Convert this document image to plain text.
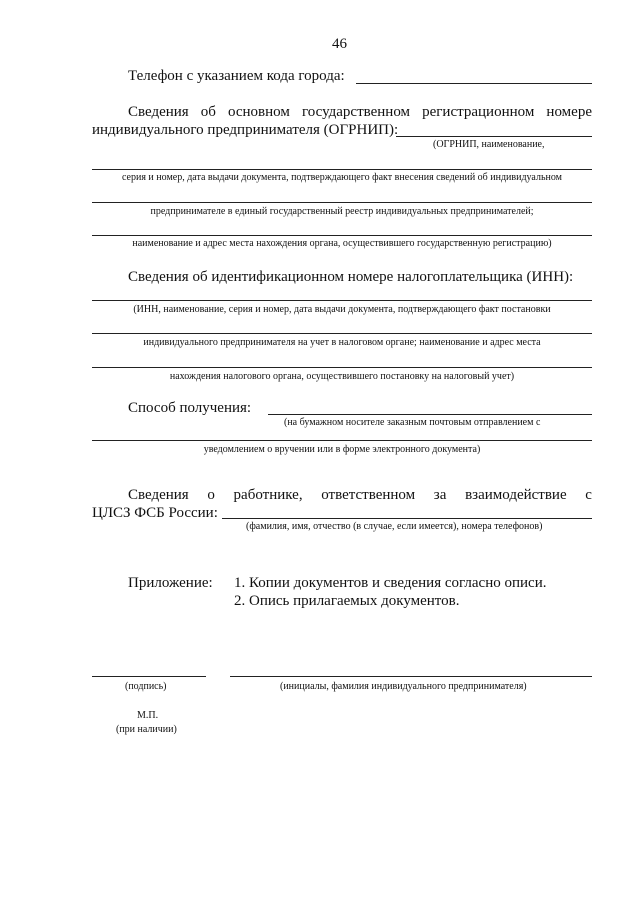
46
Телефон с указанием кода города:
Сведения об основном государственном регистрационном номере
индивидуального предпринимателя (ОГРНИП):
(ОГРНИП, наименование,
серия и номер, дата выдачи документа, подтверждающего факт внесения сведений об индивидуальном
предпринимателе в единый государственный реестр индивидуальных предпринимателей;
наименование и адрес места нахождения органа, осуществившего государственную регистрацию)
Сведения об идентификационном номере налогоплательщика (ИНН):
(ИНН, наименование, серия и номер, дата выдачи документа, подтверждающего факт постановки
индивидуального предпринимателя на учет в налоговом органе; наименование и адрес места
нахождения налогового органа, осуществившего постановку на налоговый учет)
Способ получения:
(на бумажном носителе заказным почтовым отправлением с
уведомлением о вручении или в форме электронного документа)
Сведения о работнике, ответственном за взаимодействие с
ЦЛСЗ ФСБ России:
(фамилия, имя, отчество (в случае, если имеется), номера телефонов)
Приложение: 1. Копии документов и сведения согласно описи.
2. Опись прилагаемых документов.
(подпись)	(инициалы, фамилия индивидуального предпринимателя)
М.П.
(при наличии)
